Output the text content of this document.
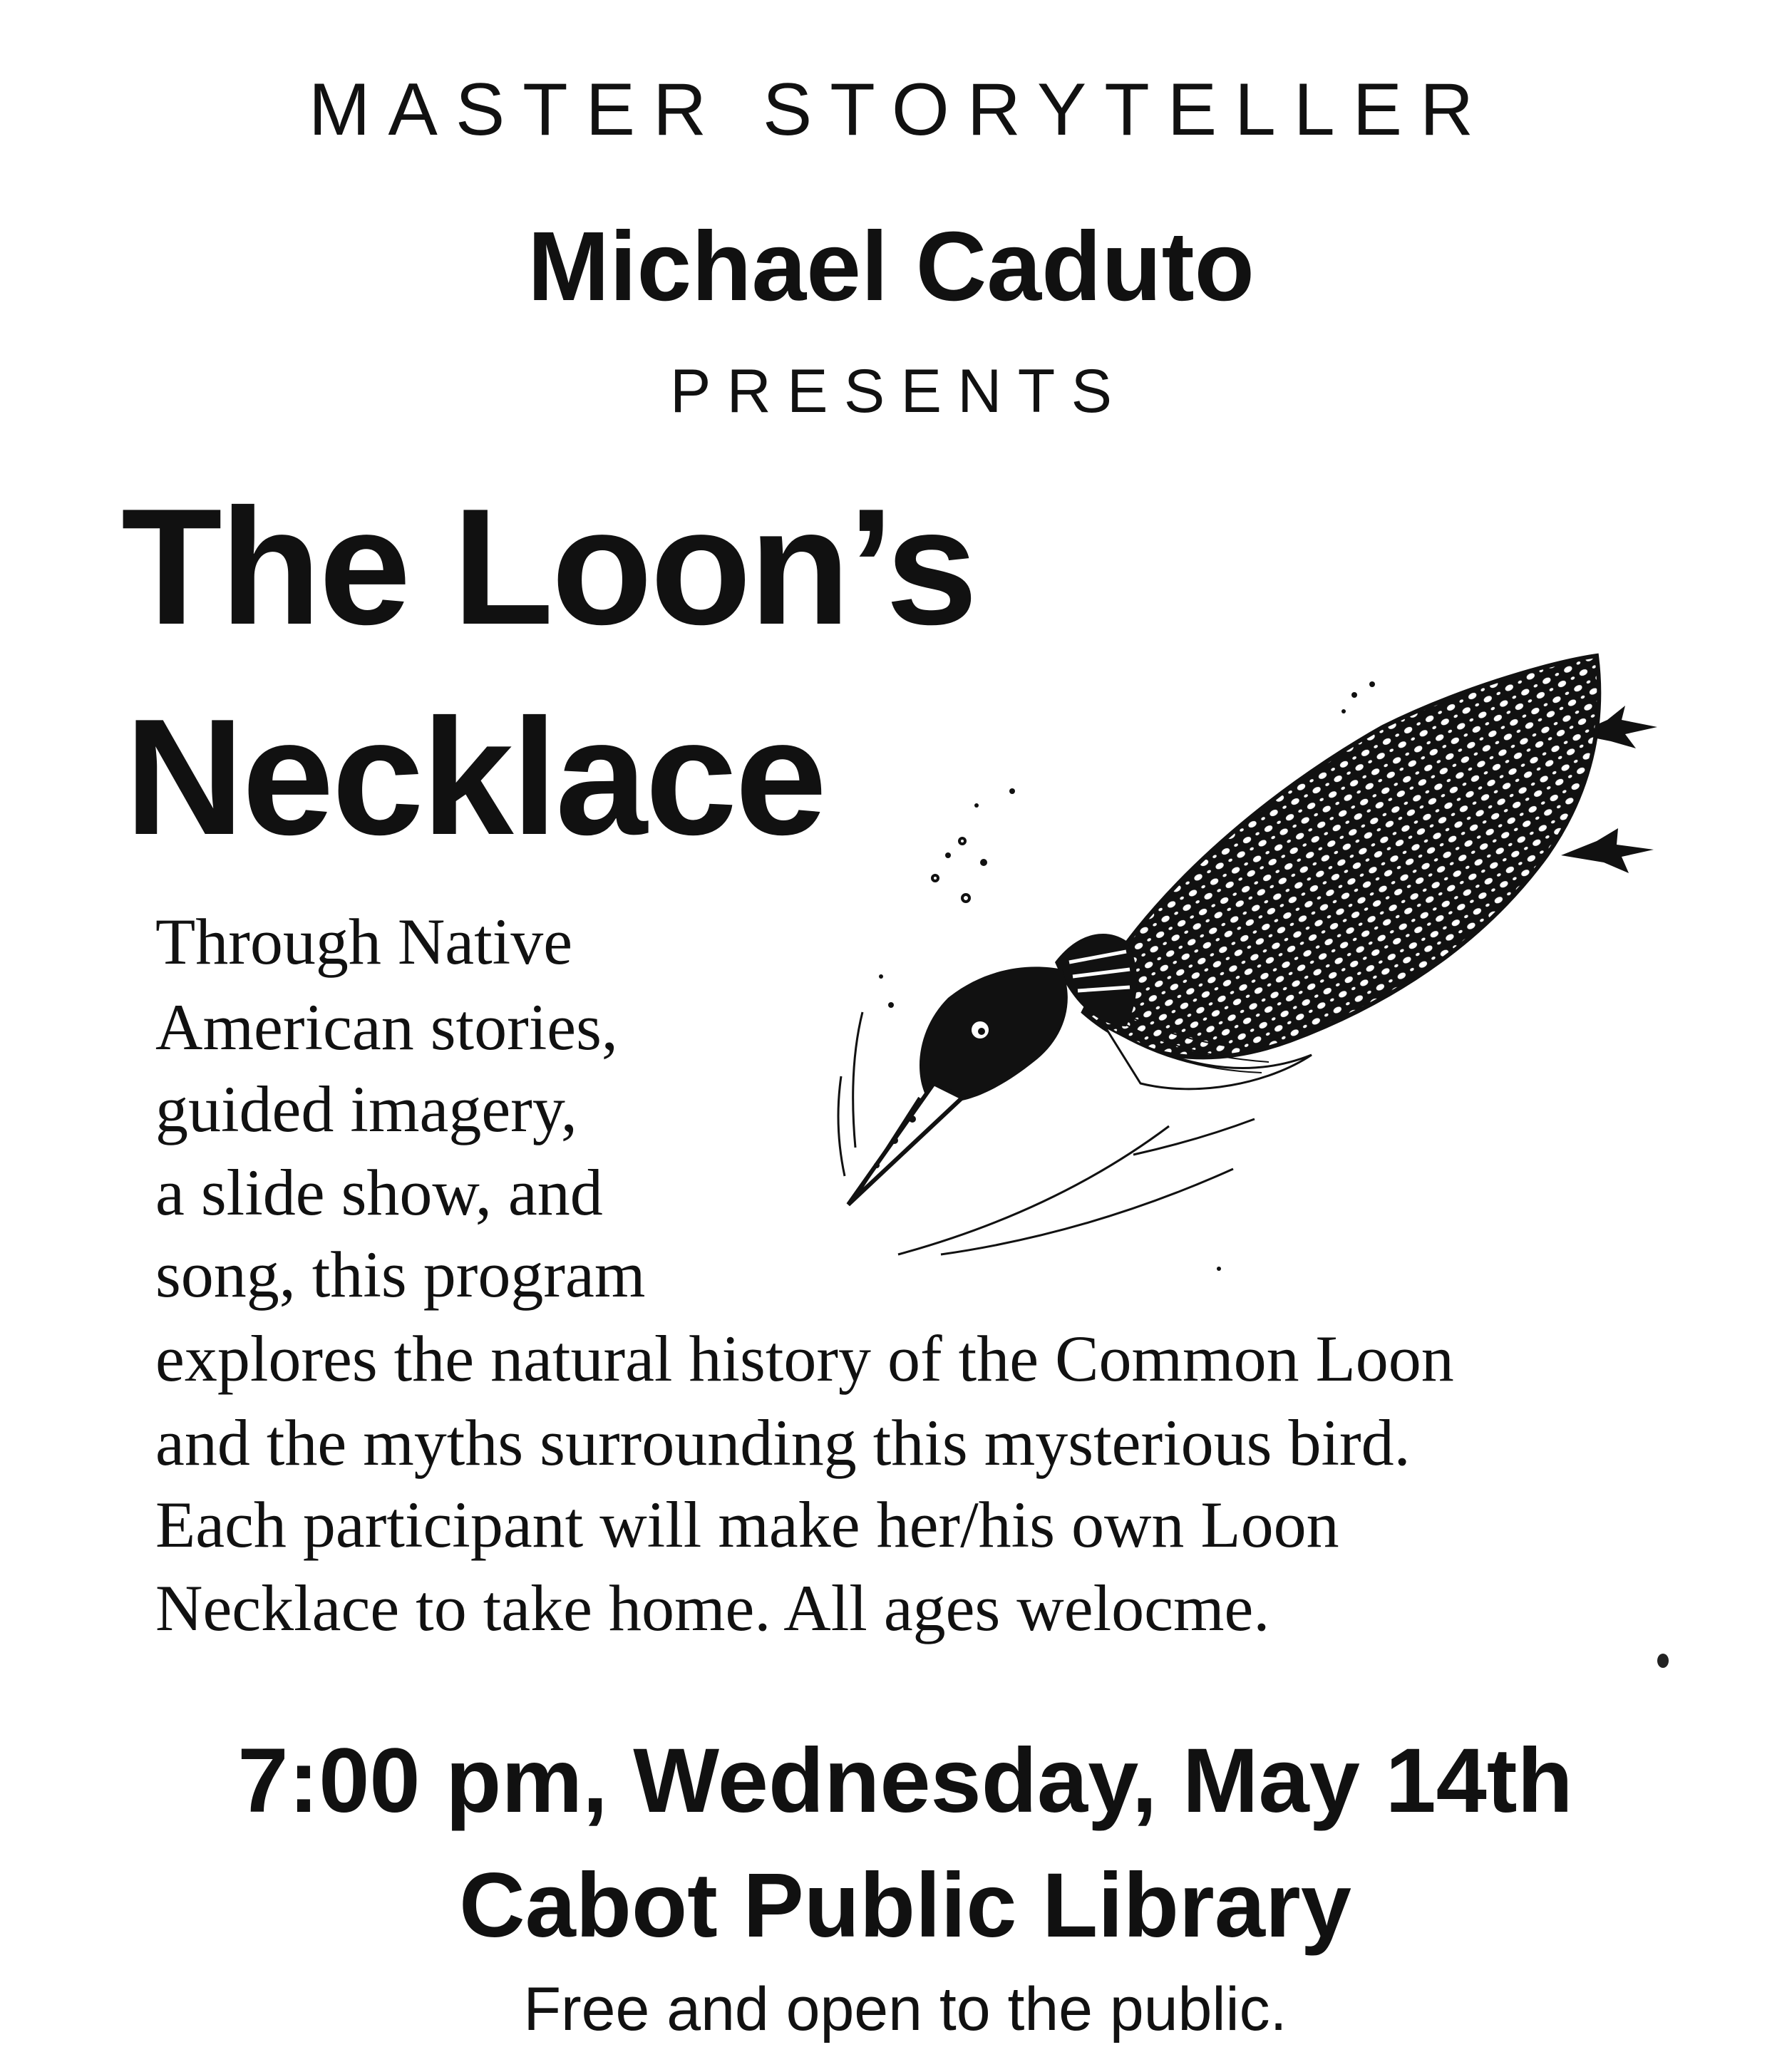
MASTER STORYTELLER
Michael Caduto
PRESENTS
The Loon’s
Necklace
Through Native
American stories,
guided imagery,
a slide show, and
song, this program
explores the natural history of the Common Loon
and the myths surrounding this mysterious bird.
Each participant will make her/his own Loon
Necklace to take home. All ages welocme.
7:00 pm, Wednesday, May 14th
Cabot Public Library
Free and open to the public.
